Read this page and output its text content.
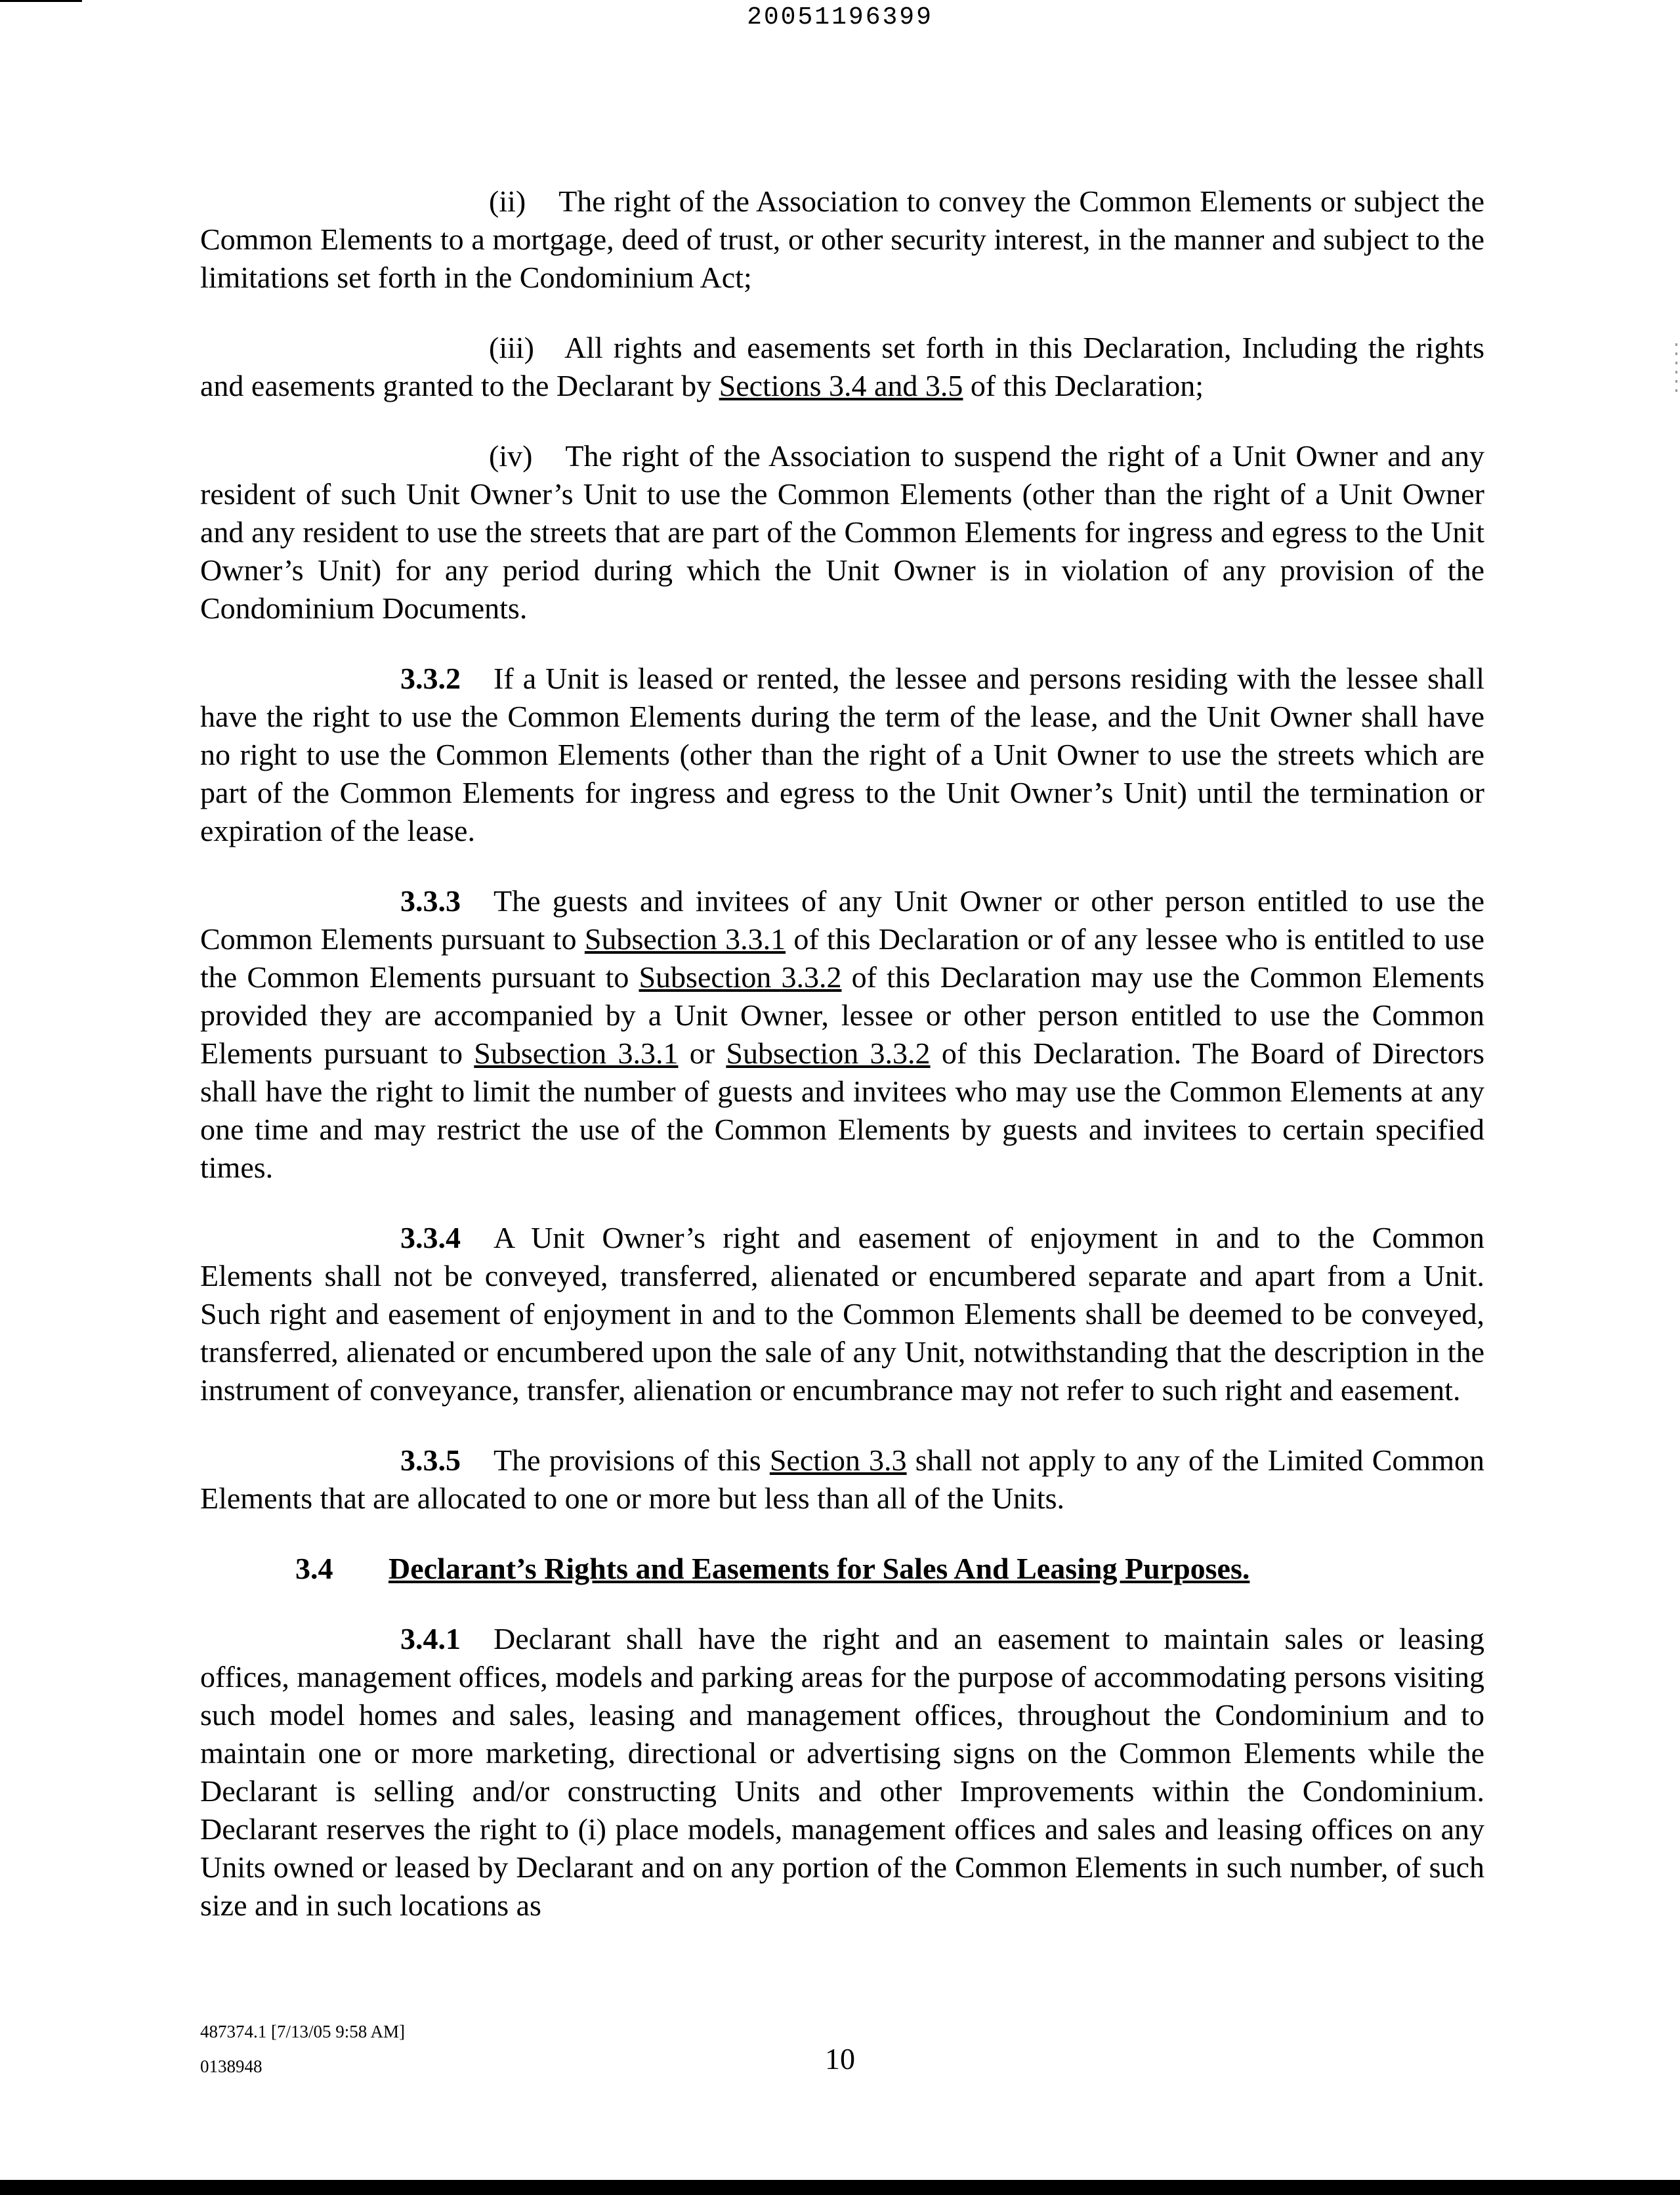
20051196399

(ii) The right of the Association to convey the Common Elements or subject the Common Elements to a mortgage, deed of trust, or other security interest, in the manner and subject to the limitations set forth in the Condominium Act;

(iii) All rights and easements set forth in this Declaration, Including the rights and easements granted to the Declarant by Sections 3.4 and 3.5 of this Declaration;

(iv) The right of the Association to suspend the right of a Unit Owner and any resident of such Unit Owner’s Unit to use the Common Elements (other than the right of a Unit Owner and any resident to use the streets that are part of the Common Elements for ingress and egress to the Unit Owner’s Unit) for any period during which the Unit Owner is in violation of any provision of the Condominium Documents.

3.3.2 If a Unit is leased or rented, the lessee and persons residing with the lessee shall have the right to use the Common Elements during the term of the lease, and the Unit Owner shall have no right to use the Common Elements (other than the right of a Unit Owner to use the streets which are part of the Common Elements for ingress and egress to the Unit Owner’s Unit) until the termination or expiration of the lease.

3.3.3 The guests and invitees of any Unit Owner or other person entitled to use the Common Elements pursuant to Subsection 3.3.1 of this Declaration or of any lessee who is entitled to use the Common Elements pursuant to Subsection 3.3.2 of this Declaration may use the Common Elements provided they are accompanied by a Unit Owner, lessee or other person entitled to use the Common Elements pursuant to Subsection 3.3.1 or Subsection 3.3.2 of this Declaration. The Board of Directors shall have the right to limit the number of guests and invitees who may use the Common Elements at any one time and may restrict the use of the Common Elements by guests and invitees to certain specified times.

3.3.4 A Unit Owner’s right and easement of enjoyment in and to the Common Elements shall not be conveyed, transferred, alienated or encumbered separate and apart from a Unit. Such right and easement of enjoyment in and to the Common Elements shall be deemed to be conveyed, transferred, alienated or encumbered upon the sale of any Unit, notwithstanding that the description in the instrument of conveyance, transfer, alienation or encumbrance may not refer to such right and easement.

3.3.5 The provisions of this Section 3.3 shall not apply to any of the Limited Common Elements that are allocated to one or more but less than all of the Units.

3.4 Declarant’s Rights and Easements for Sales And Leasing Purposes.

3.4.1 Declarant shall have the right and an easement to maintain sales or leasing offices, management offices, models and parking areas for the purpose of accommodating persons visiting such model homes and sales, leasing and management offices, throughout the Condominium and to maintain one or more marketing, directional or advertising signs on the Common Elements while the Declarant is selling and/or constructing Units and other Improvements within the Condominium. Declarant reserves the right to (i) place models, management offices and sales and leasing offices on any Units owned or leased by Declarant and on any portion of the Common Elements in such number, of such size and in such locations as

487374.1 [7/13/05 9:58 AM]
0138948	10
